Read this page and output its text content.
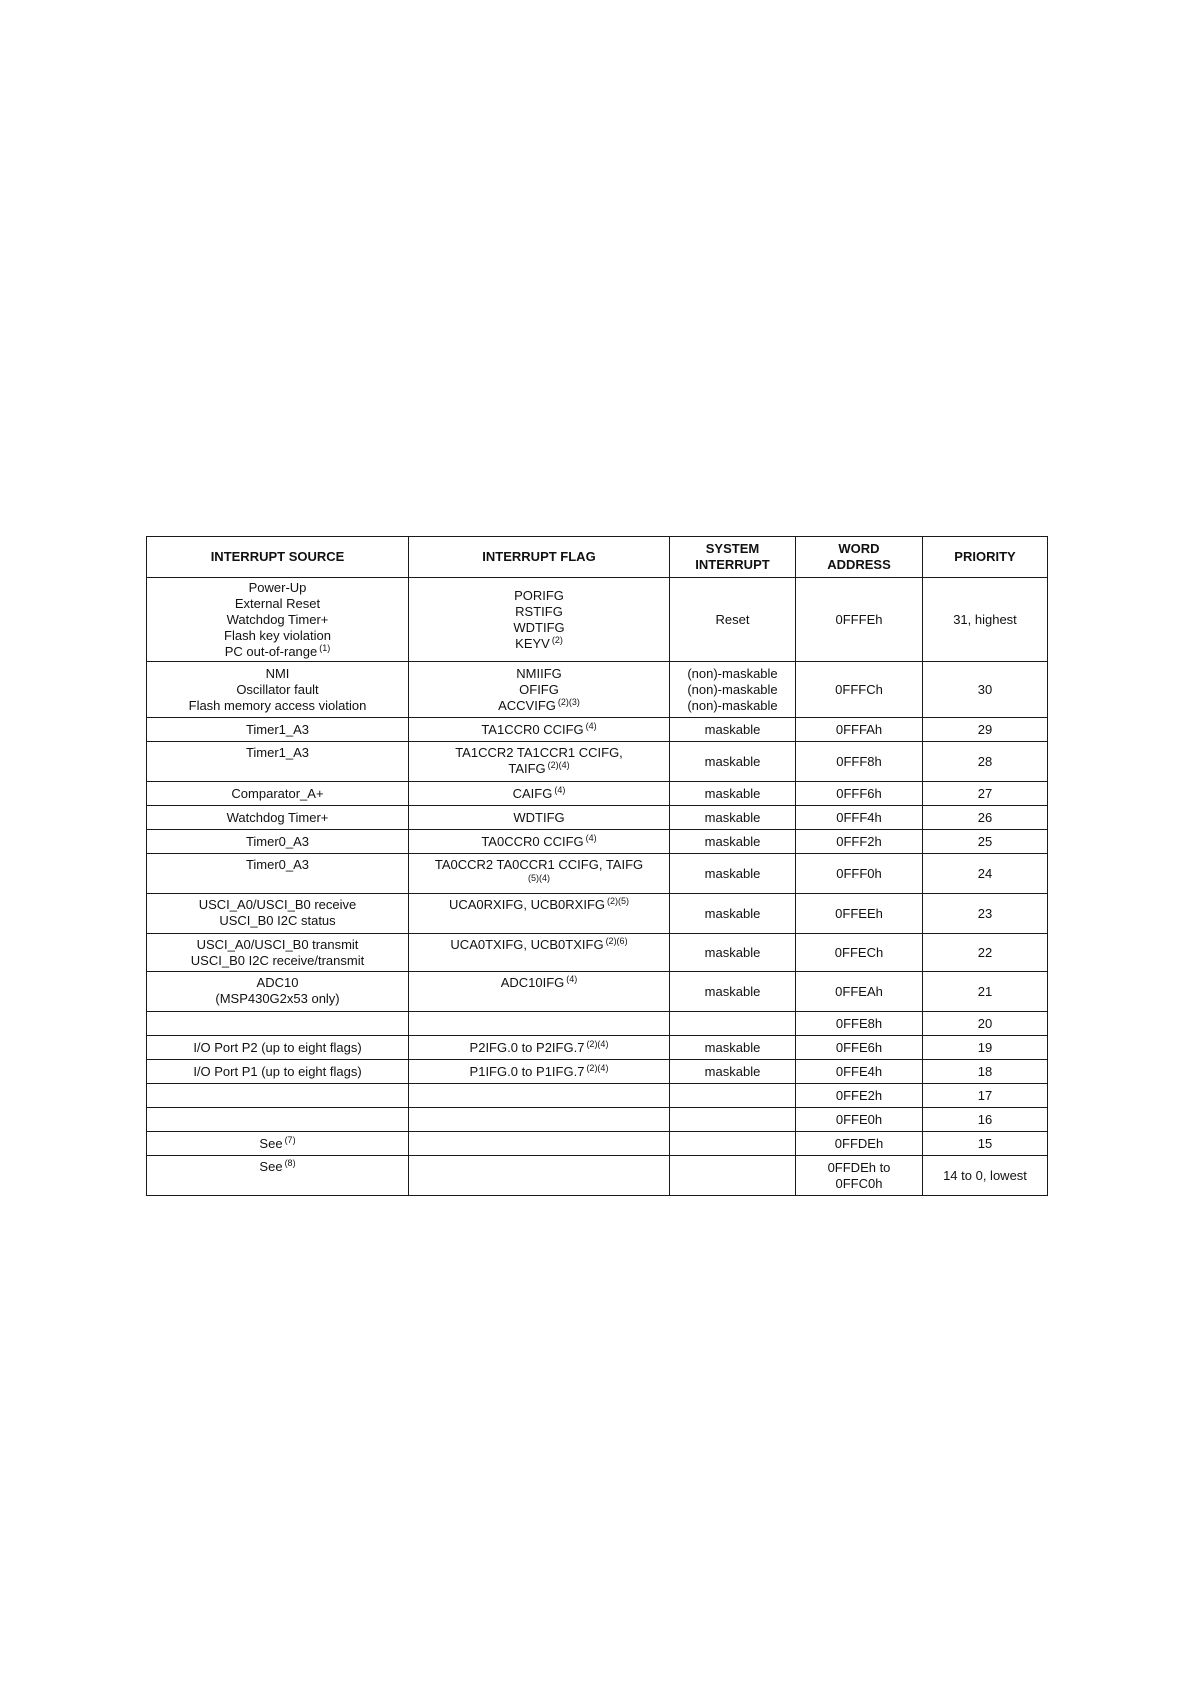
INTERRUPT SOURCE	INTERRUPT FLAG	SYSTEM INTERRUPT	WORD ADDRESS	PRIORITY

Power-Up
External Reset
Watchdog Timer+
Flash key violation
PC out-of-range $^{(1)}$	PORIFG
RSTIFG
WDTIFG
KEYV $^{(2)}$	Reset	0FFFEh	31, highest

NMI
Oscillator fault
Flash memory access violation	NMIIFG
OFIFG
ACCVIFG $^{(2)(3)}$	(non)-maskable
(non)-maskable
(non)-maskable	0FFFCh	30

Timer1_A3	TA1CCR0 CCIFG $^{(4)}$	maskable	0FFFAh	29

Timer1_A3	TA1CCR2 TA1CCR1 CCIFG,
TAIFG $^{(2)(4)}$	maskable	0FFF8h	28

Comparator_A+	CAIFG $^{(4)}$	maskable	0FFF6h	27

Watchdog Timer+	WDTIFG	maskable	0FFF4h	26

Timer0_A3	TA0CCR0 CCIFG $^{(4)}$	maskable	0FFF2h	25

Timer0_A3	TA0CCR2 TA0CCR1 CCIFG, TAIFG
(5)(4)	maskable	0FFF0h	24

USCI_A0/USCI_B0 receive
USCI_B0 I2C status	UCA0RXIFG, UCB0RXIFG $^{(2)(5)}$	maskable	0FFEEh	23

USCI_A0/USCI_B0 transmit
USCI_B0 I2C receive/transmit	UCA0TXIFG, UCB0TXIFG $^{(2)(6)}$	maskable	0FFECh	22

ADC10
(MSP430G2x53 only)	ADC10IFG $^{(4)}$	maskable	0FFEAh	21

			0FFE8h	20

I/O Port P2 (up to eight flags)	P2IFG.0 to P2IFG.7 $^{(2)(4)}$	maskable	0FFE6h	19

I/O Port P1 (up to eight flags)	P1IFG.0 to P1IFG.7 $^{(2)(4)}$	maskable	0FFE4h	18

			0FFE2h	17

			0FFE0h	16

See $^{(7)}$			0FFDEh	15

See $^{(8)}$			0FFDEh to
0FFC0h	14 to 0, lowest
